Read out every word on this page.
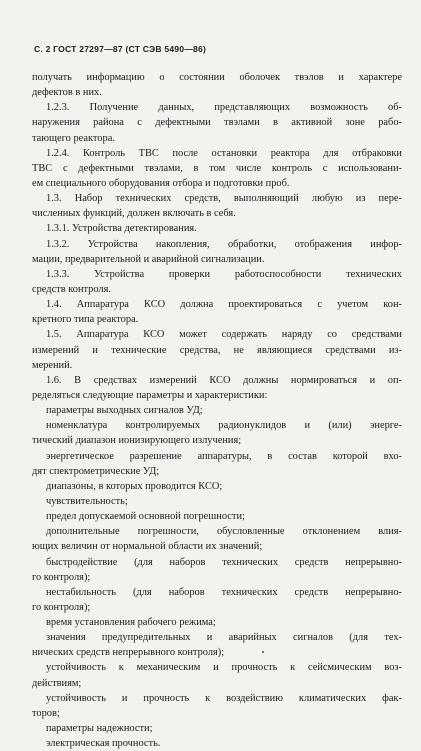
С. 2 ГОСТ 27297—87 (СТ СЭВ 5490—86)
получать информацию о состоянии оболочек твэлов и характере
дефектов в них.
1.2.3. Получение данных, представляющих возможность об-
наружения района с дефектными твэлами в активной зоне рабо-
тающего реактора.
1.2.4. Контроль ТВС после остановки реактора для отбраковки
ТВС с дефектными твэлами, в том числе контроль с использовани-
ем специального оборудования отбора и подготовки проб.
1.3. Набор технических средств, выполняющий любую из пере-
численных функций, должен включать в себя.
1.3.1. Устройства детектирования.
1.3.2. Устройства накопления, обработки, отображения инфор-
мации, предварительной и аварийной сигнализации.
1.3.3. Устройства проверки работоспособности технических
средств контроля.
1.4. Аппаратура КСО должна проектироваться с учетом кон-
кретного типа реактора.
1.5. Аппаратура КСО может содержать наряду со средствами
измерений и технические средства, не являющиеся средствами из-
мерений.
1.6. В средствах измерений КСО должны нормироваться и оп-
ределяться следующие параметры и характеристики:
параметры выходных сигналов УД;
номенклатура контролируемых радионуклидов и (или) энерге-
тический диапазон ионизирующего излучения;
энергетическое разрешение аппаратуры, в состав которой вхо-
дят спектрометрические УД;
диапазоны, в которых проводится КСО;
чувствительность;
предел допускаемой основной погрешности;
дополнительные погрешности, обусловленные отклонением влия-
ющих величин от нормальной области их значений;
быстродействие (для наборов технических средств непрерывно-
го контроля);
нестабильность (для наборов технических средств непрерывно-
го контроля);
время установления рабочего режима;
значения предупредительных и аварийных сигналов (для тех-
нических средств непрерывного контроля);
устойчивость к механическим и прочность к сейсмическим воз-
действиям;
устойчивость и прочность к воздействию климатических фак-
торов;
параметры надежности;
электрическая прочность.
